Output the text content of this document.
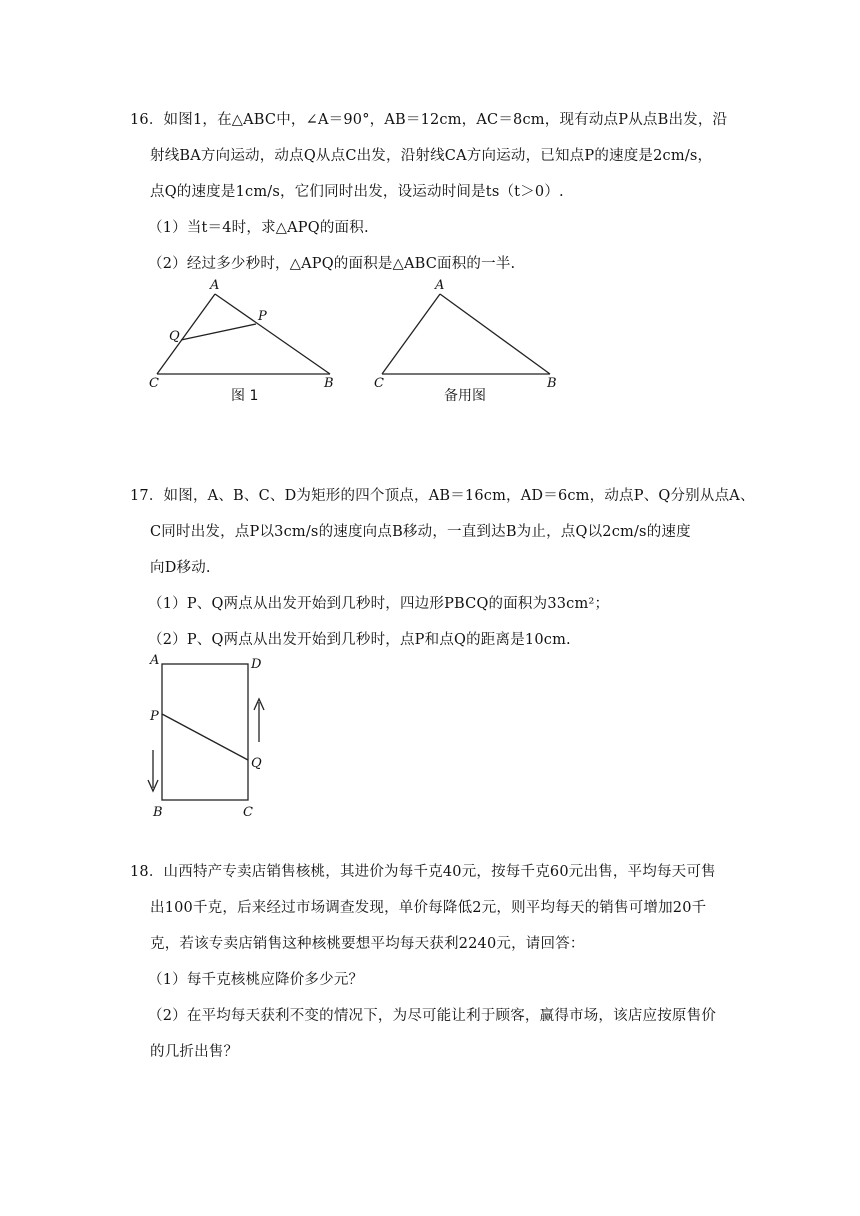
16．如图1，在△ABC中，∠A＝90°，AB＝12cm，AC＝8cm，现有动点P从点B出发，沿
射线BA方向运动，动点Q从点C出发，沿射线CA方向运动，已知点P的速度是2cm/s，
点Q的速度是1cm/s，它们同时出发，设运动时间是ts（t＞0）.
（1）当t＝4时，求△APQ的面积.
（2）经过多少秒时，△APQ的面积是△ABC面积的一半.
A
Q
P
C	B
图 1
A
C	B
备用图
17．如图，A、B、C、D为矩形的四个顶点，AB＝16cm，AD＝6cm，动点P、Q分别从点A、
C同时出发，点P以3cm/s的速度向点B移动，一直到达B为止，点Q以2cm/s的速度
向D移动.
（1）P、Q两点从出发开始到几秒时，四边形PBCQ的面积为33cm²；
（2）P、Q两点从出发开始到几秒时，点P和点Q的距离是10cm.
A	D
P
Q
B	C
18．山西特产专卖店销售核桃，其进价为每千克40元，按每千克60元出售，平均每天可售
出100千克，后来经过市场调查发现，单价每降低2元，则平均每天的销售可增加20千
克，若该专卖店销售这种核桃要想平均每天获利2240元，请回答：
（1）每千克核桃应降价多少元？
（2）在平均每天获利不变的情况下，为尽可能让利于顾客，赢得市场，该店应按原售价
的几折出售？
